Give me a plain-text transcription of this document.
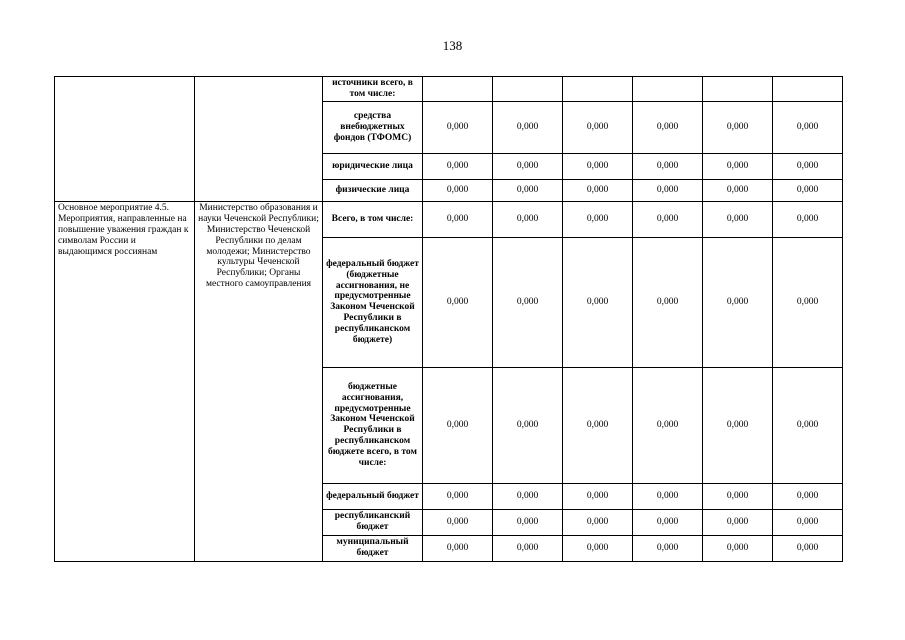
138
		источники всего, в том числе:						
		средства внебюджетных фондов (ТФОМС)	0,000	0,000	0,000	0,000	0,000	0,000
		юридические лица	0,000	0,000	0,000	0,000	0,000	0,000
		физические лица	0,000	0,000	0,000	0,000	0,000	0,000
Основное мероприятие 4.5. Мероприятия, направленные на повышение уважения граждан к символам России и выдающимся россиянам	Министерство образования и науки Чеченской Республики; Министерство Чеченской Республики по делам молодежи; Министерство культуры Чеченской Республики; Органы местного самоуправления	Всего, в том числе:	0,000	0,000	0,000	0,000	0,000	0,000
		федеральный бюджет (бюджетные ассигнования, не предусмотренные Законом Чеченской Республики в республиканском бюджете)	0,000	0,000	0,000	0,000	0,000	0,000
		бюджетные ассигнования, предусмотренные Законом Чеченской Республики в республиканском бюджете всего, в том числе:	0,000	0,000	0,000	0,000	0,000	0,000
		федеральный бюджет	0,000	0,000	0,000	0,000	0,000	0,000
		республиканский бюджет	0,000	0,000	0,000	0,000	0,000	0,000
		муниципальный бюджет	0,000	0,000	0,000	0,000	0,000	0,000
